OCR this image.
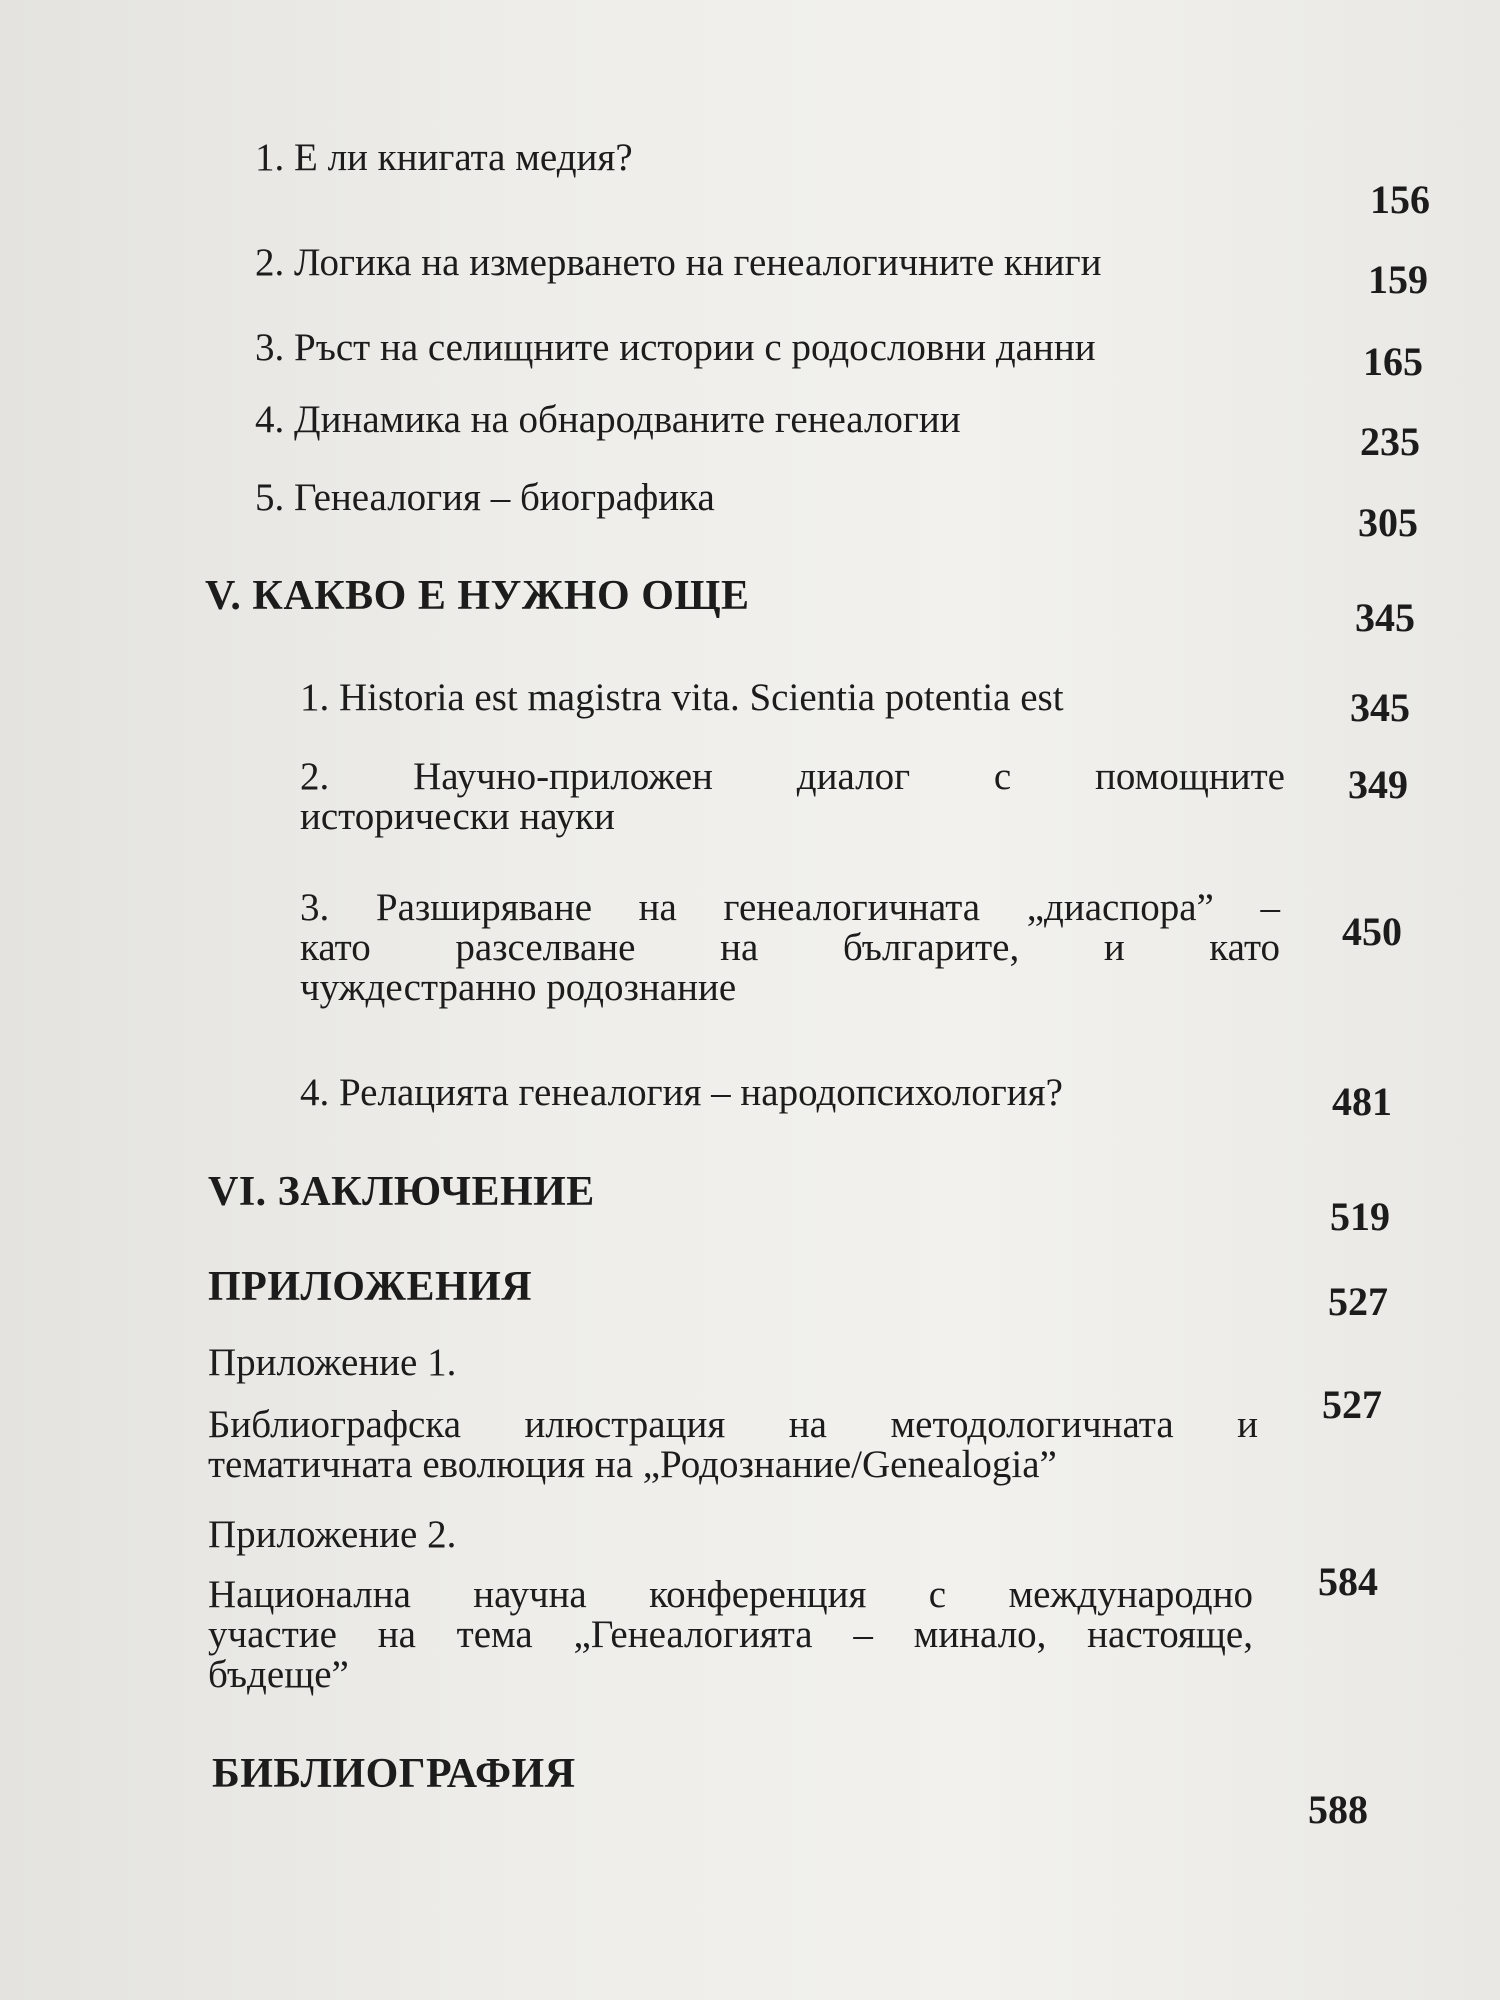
1. Е ли книгата медия?
156
2. Логика на измерването на генеалогичните книги	159
3. Ръст на селищните истории с родословни данни	165
4. Динамика на обнародваните генеалогии	235
5. Генеалогия – биографика
305
V. КАКВО Е НУЖНО ОЩЕ	345
1. Historia est magistra vita. Scientia potentia est	345
2. Научно-приложен диалог с помощните
исторически науки
349
3. Разширяване на генеалогичната „диаспора” –
като разселване на българите, и като
чуждестранно родознание
450
4. Релацията генеалогия – народопсихология?	481
VI. ЗАКЛЮЧЕНИЕ
519
ПРИЛОЖЕНИЯ	527
Приложение 1.
Библиографска илюстрация на методологичната и
тематичната еволюция на „Родознание/Genealogia”
527
Приложение 2.
Национална научна конференция с международно
участие на тема „Генеалогията – минало, настояще,
бъдеще”
584
БИБЛИОГРАФИЯ
588
